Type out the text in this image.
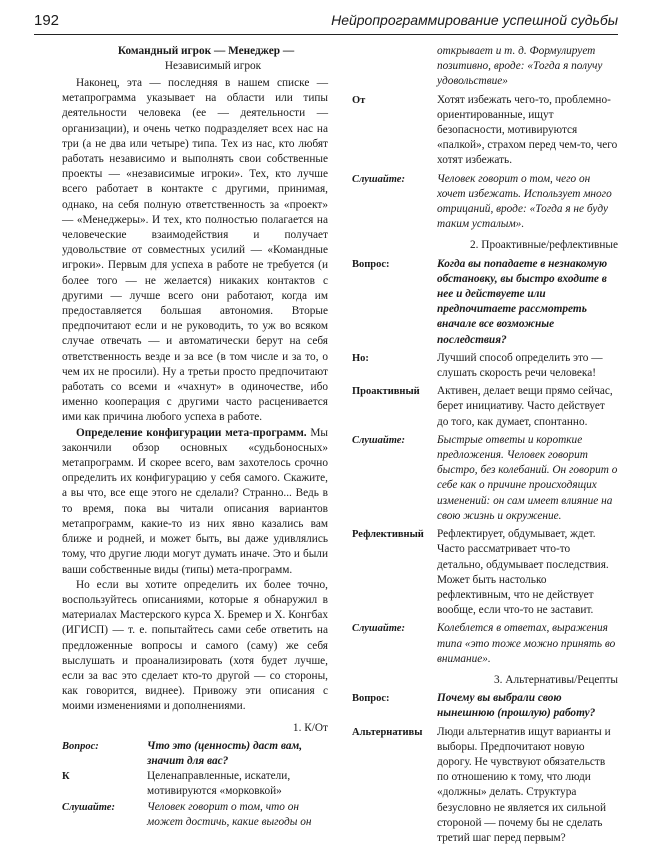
192	Нейропрограммирование успешной судьбы

Командный игрок — Менеджер —

Независимый игрок

Наконец, эта — последняя в нашем списке — метапрограмма указывает на области или типы деятельности человека (ее — деятельности — организации), и очень четко подразделяет всех нас на три (а не два или четыре) типа. Тех из нас, кто любят работать независимо и выполнять свои собственные проекты — «независимые игроки». Тех, кто лучше всего работает в контакте с другими, принимая, однако, на себя полную ответственность за «проект» — «Менеджеры». И тех, кто полностью полагается на человеческие взаимодействия и получает удовольствие от совместных усилий — «Командные игроки». Первым для успеха в работе не требуется (и более того — не желается) никаких контактов с другими — лучше всего они работают, когда им предоставляется большая автономия. Вторые предпочитают если и не руководить, то уж во всяком случае отвечать — и автоматически берут на себя ответственность везде и за все (в том числе и за то, о чем их не просили). Ну а третьи просто предпочитают работать со всеми и «чахнут» в одиночестве, ибо именно кооперация с другими часто расценивается ими как причина любого успеха в работе.

Определение конфигурации мета-программ. Мы закончили обзор основных «судьбоносных» метапрограмм. И скорее всего, вам захотелось срочно определить их конфигурацию у себя самого. Скажите, а вы что, все еще этого не сделали? Странно... Ведь в то время, пока вы читали описания вариантов метапрограмм, какие-то из них явно казались вам ближе и родней, и может быть, вы даже удивлялись тому, что другие люди могут думать иначе. Это и были ваши собственные виды (типы) мета-программ.

Но если вы хотите определить их более точно, воспользуйтесь описаниями, которые я обнаружил в материалах Мастерского курса Х. Бремер и Х. Конгбах (ИГИСП) — т. е. попытайтесь сами себе ответить на предложенные вопросы и самого (саму) же себя выслушать и проанализировать (хотя будет лучше, если за вас это сделает кто-то другой — со стороны, как говорится, виднее). Привожу эти описания с моими изменениями и дополнениями.

1. К/От

Вопрос:	Что это (ценность) даст вам, значит для вас?
К	Целенаправленные, искатели, мотивируются «морковкой»
Слушайте:	Человек говорит о том, что он может достичь, какие выгоды он
открывает и т. д. Формулирует позитивно, вроде: «Тогда я получу удовольствие»
От	Хотят избежать чего-то, проблемно-ориентированные, ищут безопасности, мотивируются «палкой», страхом перед чем-то, чего хотят избежать.
Слушайте:	Человек говорит о том, чего он хочет избежать. Использует много отрицаний, вроде: «Тогда я не буду таким усталым».

2. Проактивные/рефлективные

Вопрос:	Когда вы попадаете в незнакомую обстановку, вы быстро входите в нее и действуете или предпочитаете рассмотреть вначале все возможные последствия?
Но:	Лучший способ определить это — слушать скорость речи человека!
Проактивный	Активен, делает вещи прямо сейчас, берет инициативу. Часто действует до того, как думает, спонтанно.
Слушайте:	Быстрые ответы и короткие предложения. Человек говорит быстро, без колебаний. Он говорит о себе как о причине происходящих изменений: он сам имеет влияние на свою жизнь и окружение.
Рефлективный	Рефлектирует, обдумывает, ждет. Часто рассматривает что-то детально, обдумывает последствия. Может быть настолько рефлективным, что не действует вообще, если что-то не заставит.
Слушайте:	Колеблется в ответах, выражения типа «это тоже можно принять во внимание».

3. Альтернативы/Рецепты

Вопрос:	Почему вы выбрали свою нынешнюю (прошлую) работу?
Альтернативы	Люди альтернатив ищут варианты и выборы. Предпочитают новую дорогу. Не чувствуют обязательств по отношению к тому, что люди «должны» делать. Структура безусловно не является их сильной стороной — почему бы не сделать третий шаг перед первым?
